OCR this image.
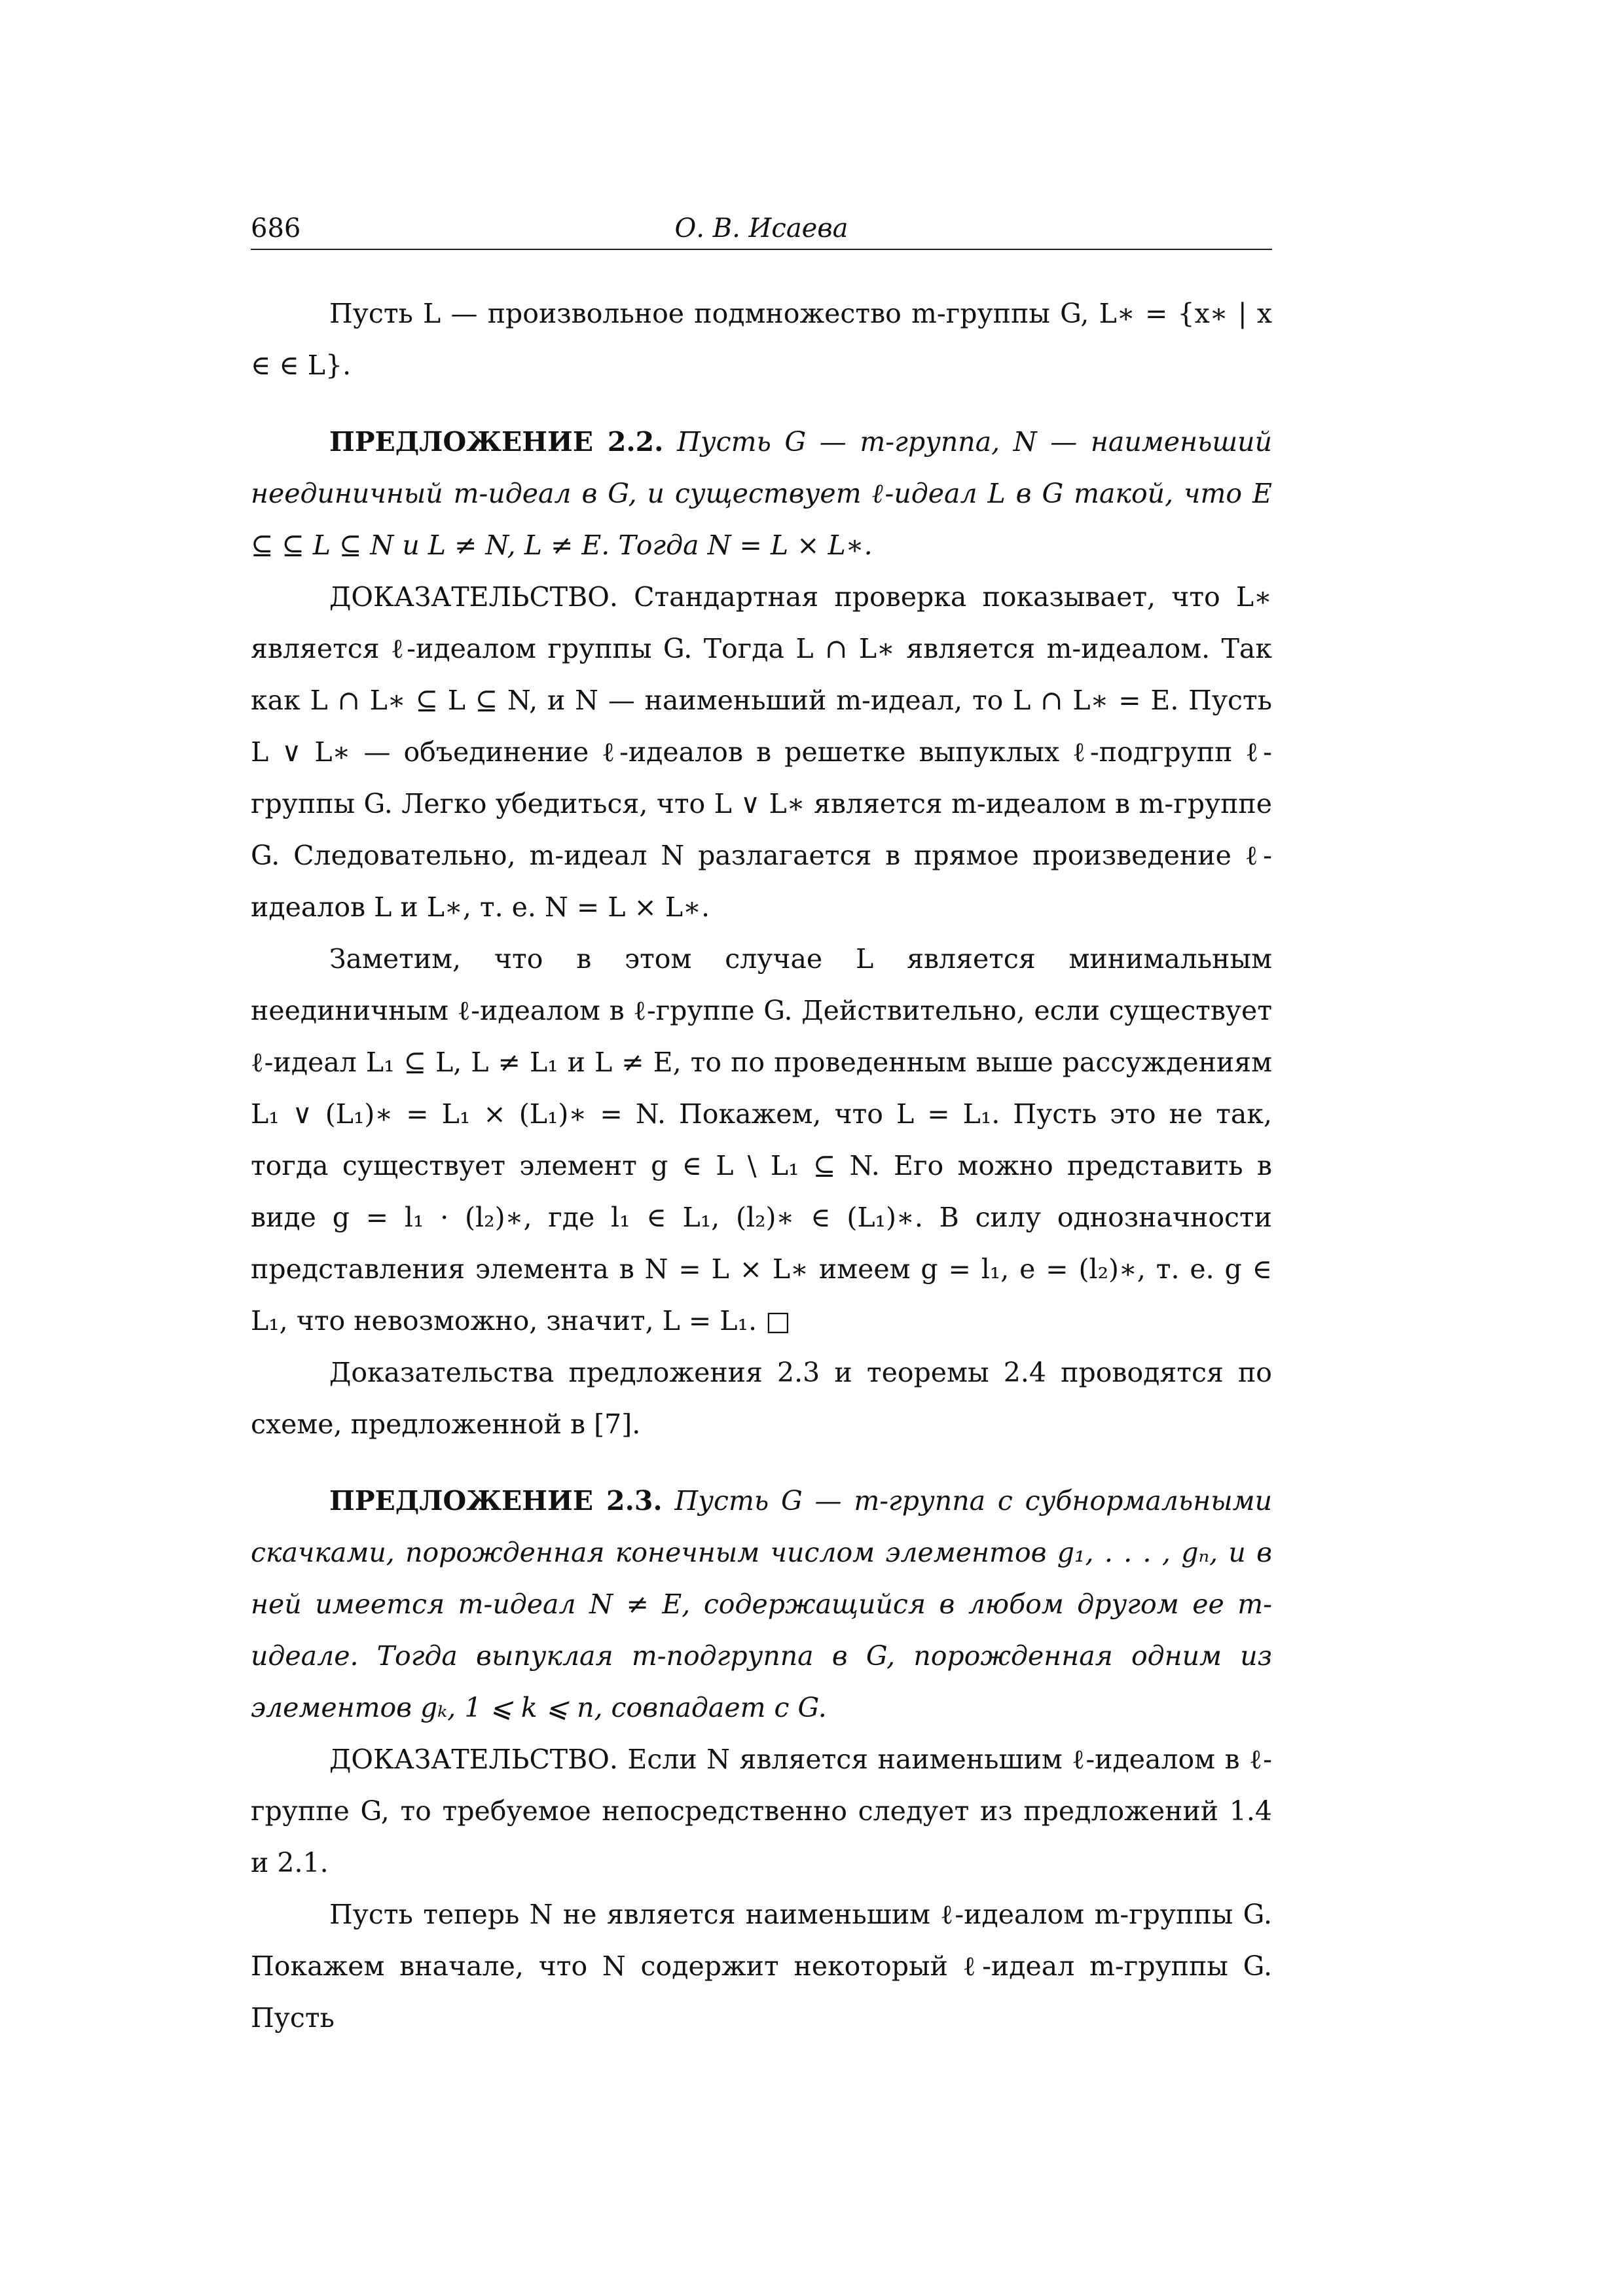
686	О. В. Исаева

Пусть L — произвольное подмножество m-группы G, L∗ = {x∗ | x ∈ ∈ L}.

ПРЕДЛОЖЕНИЕ 2.2. Пусть G — m-группа, N — наименьший неединичный m-идеал в G, и существует ℓ-идеал L в G такой, что E ⊆ ⊆ L ⊆ N и L ≠ N, L ≠ E. Тогда N = L × L∗.

ДОКАЗАТЕЛЬСТВО. Стандартная проверка показывает, что L∗ является ℓ-идеалом группы G. Тогда L ∩ L∗ является m-идеалом. Так как L ∩ L∗ ⊆ L ⊆ N, и N — наименьший m-идеал, то L ∩ L∗ = E. Пусть L ∨ L∗ — объединение ℓ-идеалов в решетке выпуклых ℓ-подгрупп ℓ-группы G. Легко убедиться, что L ∨ L∗ является m-идеалом в m-группе G. Следовательно, m-идеал N разлагается в прямое произведение ℓ-идеалов L и L∗, т. е. N = L × L∗.

Заметим, что в этом случае L является минимальным неединичным ℓ-идеалом в ℓ-группе G. Действительно, если существует ℓ-идеал L₁ ⊆ L, L ≠ L₁ и L ≠ E, то по проведенным выше рассуждениям L₁ ∨ (L₁)∗ = L₁ × (L₁)∗ = N. Покажем, что L = L₁. Пусть это не так, тогда существует элемент g ∈ L \ L₁ ⊆ N. Его можно представить в виде g = l₁ · (l₂)∗, где l₁ ∈ L₁, (l₂)∗ ∈ (L₁)∗. В силу однозначности представления элемента в N = L × L∗ имеем g = l₁, e = (l₂)∗, т. е. g ∈ L₁, что невозможно, значит, L = L₁. □

Доказательства предложения 2.3 и теоремы 2.4 проводятся по схеме, предложенной в [7].

ПРЕДЛОЖЕНИЕ 2.3. Пусть G — m-группа с субнормальными скачками, порожденная конечным числом элементов g₁, . . . , gₙ, и в ней имеется m-идеал N ≠ E, содержащийся в любом другом ее m-идеале. Тогда выпуклая m-подгруппа в G, порожденная одним из элементов gₖ, 1 ⩽ k ⩽ n, совпадает с G.

ДОКАЗАТЕЛЬСТВО. Если N является наименьшим ℓ-идеалом в ℓ-группе G, то требуемое непосредственно следует из предложений 1.4 и 2.1.

Пусть теперь N не является наименьшим ℓ-идеалом m-группы G. Покажем вначале, что N содержит некоторый ℓ-идеал m-группы G. Пусть
